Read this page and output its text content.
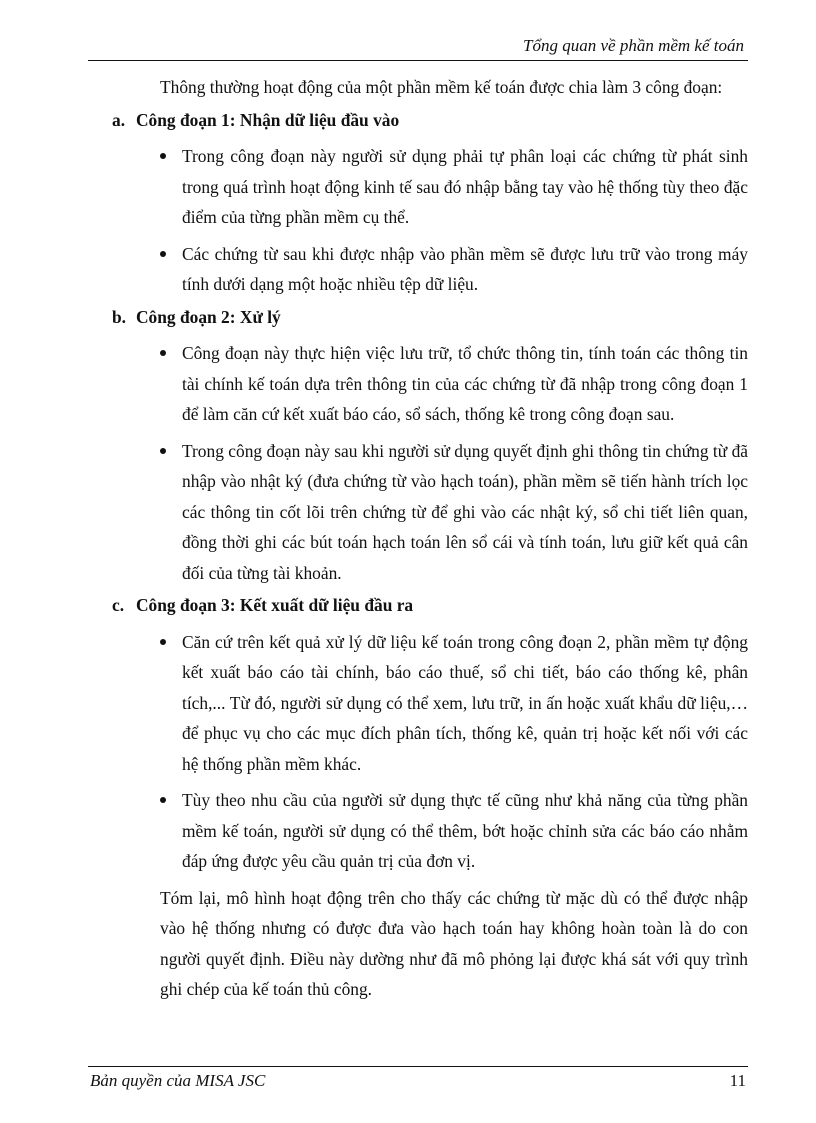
Tổng quan về phần mềm kế toán

Thông thường hoạt động của một phần mềm kế toán được chia làm 3 công đoạn:

a. Công đoạn 1: Nhận dữ liệu đầu vào

Trong công đoạn này người sử dụng phải tự phân loại các chứng từ phát sinh trong quá trình hoạt động kinh tế sau đó nhập bằng tay vào hệ thống tùy theo đặc điểm của từng phần mềm cụ thể.

Các chứng từ sau khi được nhập vào phần mềm sẽ được lưu trữ vào trong máy tính dưới dạng một hoặc nhiều tệp dữ liệu.

b. Công đoạn 2: Xử lý

Công đoạn này thực hiện việc lưu trữ, tổ chức thông tin, tính toán các thông tin tài chính kế toán dựa trên thông tin của các chứng từ đã nhập trong công đoạn 1 để làm căn cứ kết xuất báo cáo, sổ sách, thống kê trong công đoạn sau.

Trong công đoạn này sau khi người sử dụng quyết định ghi thông tin chứng từ đã nhập vào nhật ký (đưa chứng từ vào hạch toán), phần mềm sẽ tiến hành trích lọc các thông tin cốt lõi trên chứng từ để ghi vào các nhật ký, sổ chi tiết liên quan, đồng thời ghi các bút toán hạch toán lên sổ cái và tính toán, lưu giữ kết quả cân đối của từng tài khoản.

c. Công đoạn 3: Kết xuất dữ liệu đầu ra

Căn cứ trên kết quả xử lý dữ liệu kế toán trong công đoạn 2, phần mềm tự động kết xuất báo cáo tài chính, báo cáo thuế, sổ chi tiết, báo cáo thống kê, phân tích,... Từ đó, người sử dụng có thể xem, lưu trữ, in ấn hoặc xuất khẩu dữ liệu,… để phục vụ cho các mục đích phân tích, thống kê, quản trị hoặc kết nối với các hệ thống phần mềm khác.

Tùy theo nhu cầu của người sử dụng thực tế cũng như khả năng của từng phần mềm kế toán, người sử dụng có thể thêm, bớt hoặc chỉnh sửa các báo cáo nhằm đáp ứng được yêu cầu quản trị của đơn vị.

Tóm lại, mô hình hoạt động trên cho thấy các chứng từ mặc dù có thể được nhập vào hệ thống nhưng có được đưa vào hạch toán hay không hoàn toàn là do con người quyết định. Điều này dường như đã mô phỏng lại được khá sát với quy trình ghi chép của kế toán thủ công.

Bản quyền của MISA JSC	11
